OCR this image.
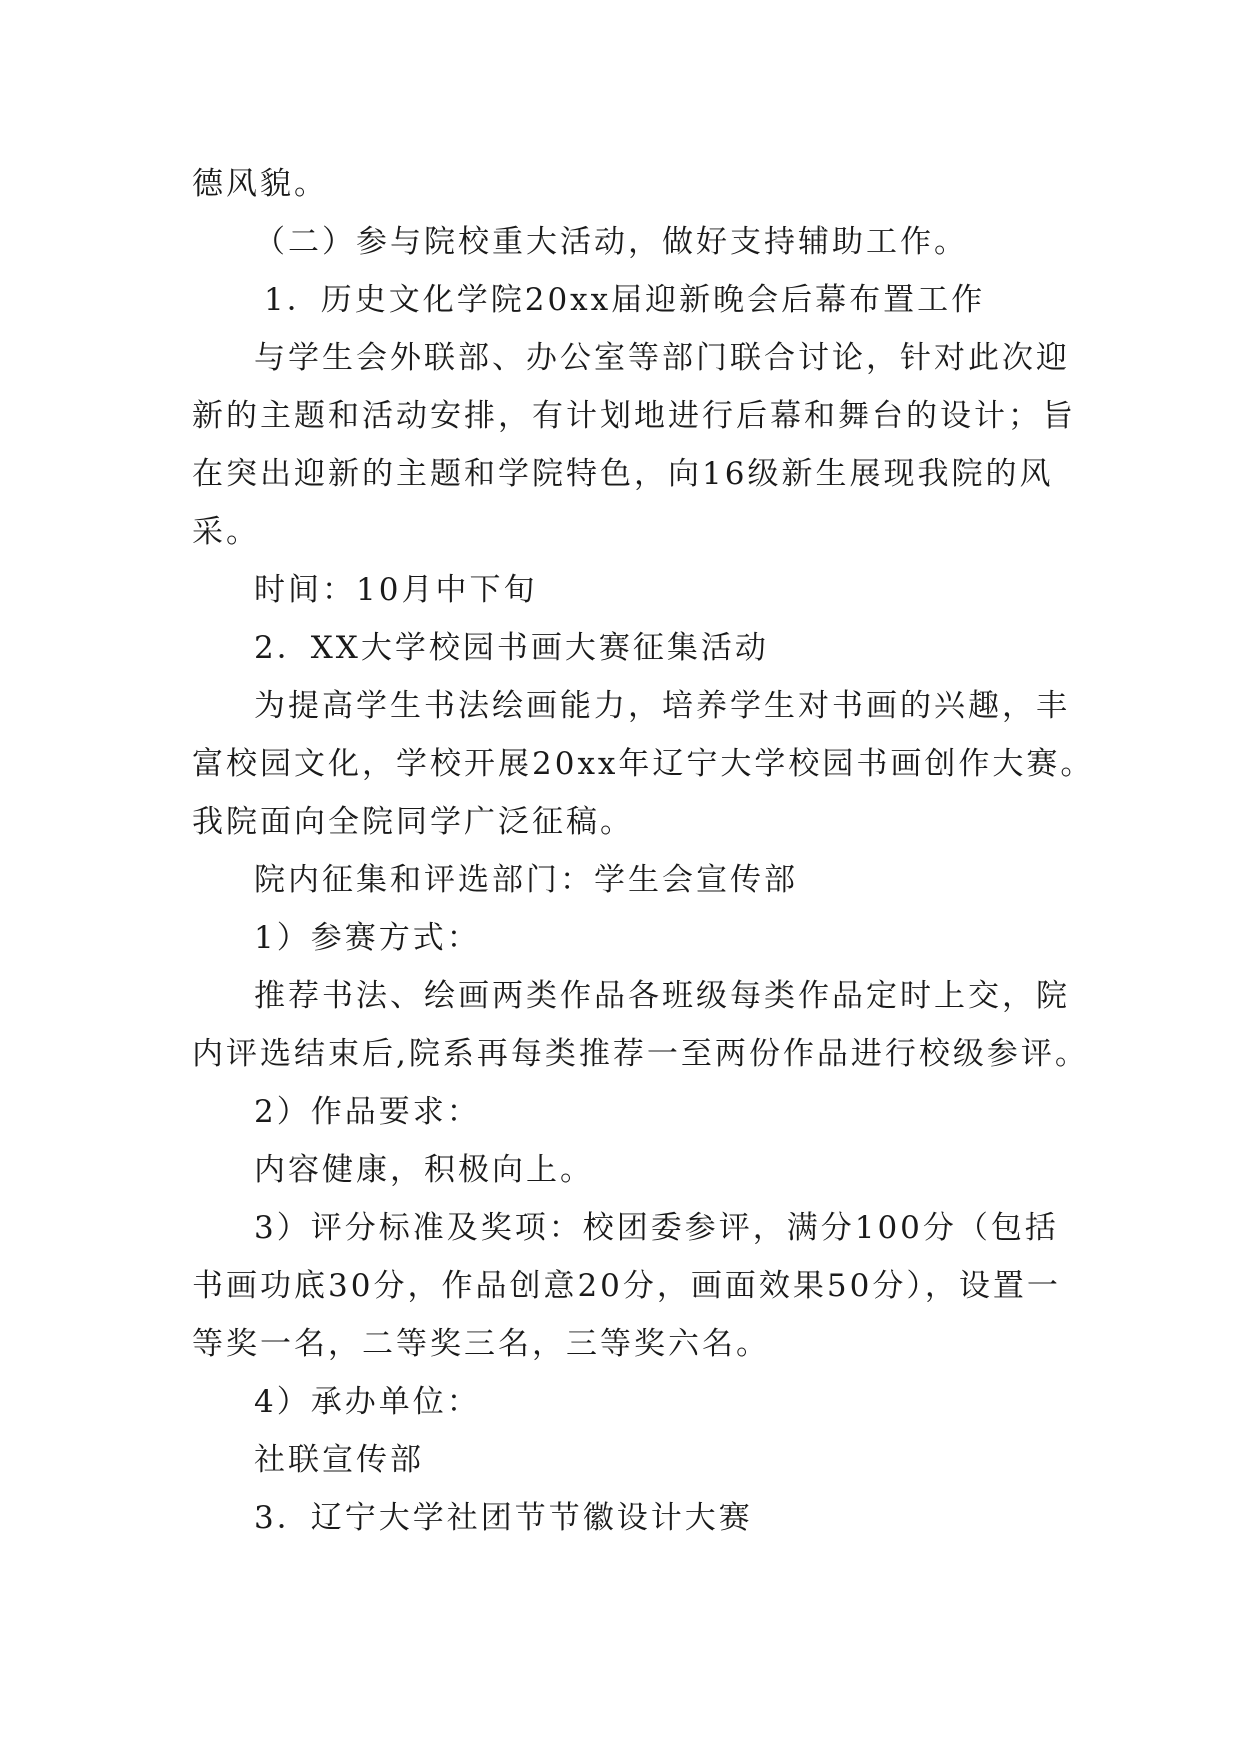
德风貌。
（二）参与院校重大活动，做好支持辅助工作。
1．历史文化学院20xx届迎新晚会后幕布置工作
与学生会外联部、办公室等部门联合讨论，针对此次迎
新的主题和活动安排，有计划地进行后幕和舞台的设计；旨
在突出迎新的主题和学院特色，向16级新生展现我院的风
采。
时间：10月中下旬
2．XX大学校园书画大赛征集活动
为提高学生书法绘画能力，培养学生对书画的兴趣，丰
富校园文化，学校开展20xx年辽宁大学校园书画创作大赛。
我院面向全院同学广泛征稿。
院内征集和评选部门：学生会宣传部
1）参赛方式：
推荐书法、绘画两类作品各班级每类作品定时上交，院
内评选结束后,院系再每类推荐一至两份作品进行校级参评。
2）作品要求：
内容健康，积极向上。
3）评分标准及奖项：校团委参评，满分100分（包括
书画功底30分，作品创意20分，画面效果50分），设置一
等奖一名，二等奖三名，三等奖六名。
4）承办单位：
社联宣传部
3．辽宁大学社团节节徽设计大赛
